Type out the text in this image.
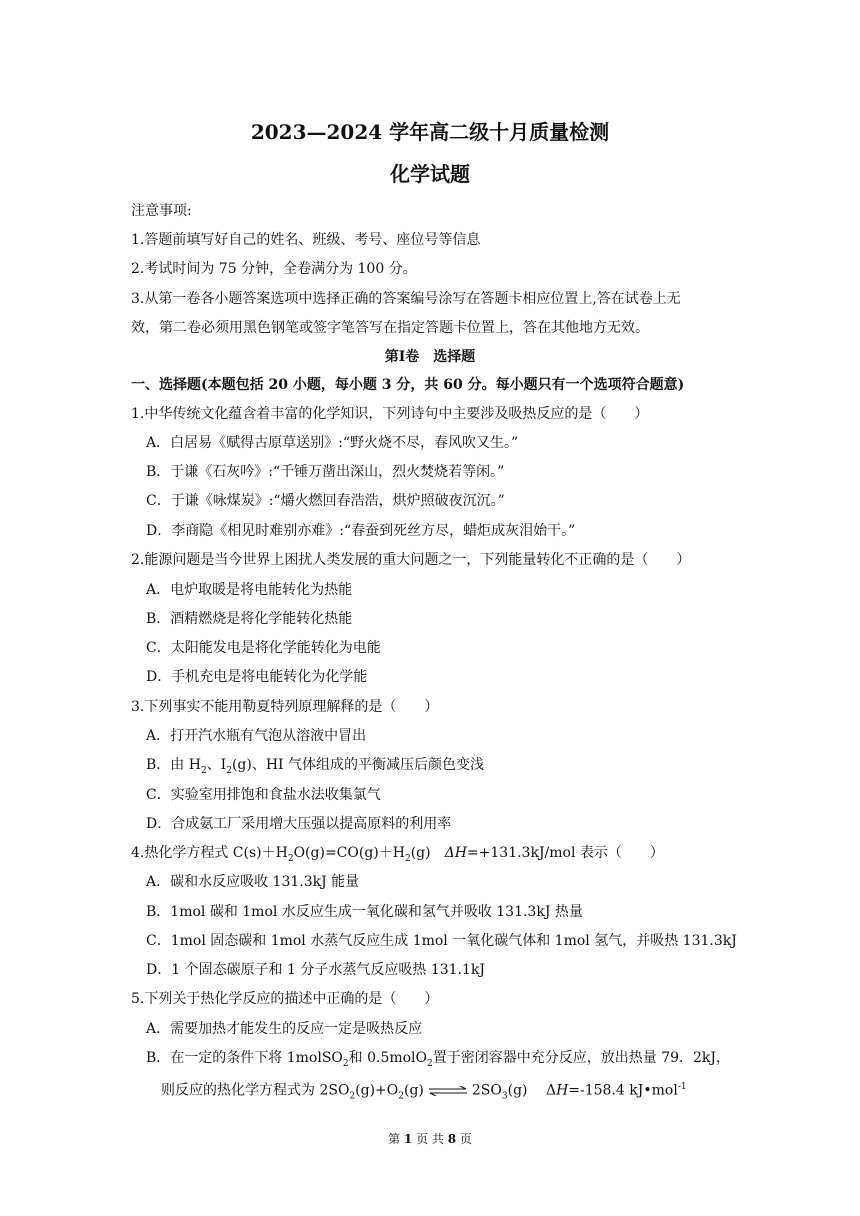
2023—2024 学年高二级十月质量检测
化学试题
注意事项:
1.答题前填写好自己的姓名、班级、考号、座位号等信息
2.考试时间为 75 分钟，全卷满分为 100 分。
3.从第一卷各小题答案选项中选择正确的答案编号涂写在答题卡相应位置上,答在试卷上无
效，第二卷必须用黑色钢笔或签字笔答写在指定答题卡位置上，答在其他地方无效。
第Ⅰ卷　选择题
一、选择题(本题包括 20 小题，每小题 3 分，共 60 分。每小题只有一个选项符合题意)
1.中华传统文化蕴含着丰富的化学知识，下列诗句中主要涉及吸热反应的是（　　）
A．白居易《赋得古原草送别》:“野火烧不尽，春风吹又生。”
B．于谦《石灰吟》:“千锤万凿出深山，烈火焚烧若等闲。”
C．于谦《咏煤炭》:“爝火燃回春浩浩，烘炉照破夜沉沉。”
D．李商隐《相见时难别亦难》:“春蚕到死丝方尽，蜡炬成灰泪始干。”
2.能源问题是当今世界上困扰人类发展的重大问题之一，下列能量转化不正确的是（　　）
A．电炉取暖是将电能转化为热能
B．酒精燃烧是将化学能转化热能
C．太阳能发电是将化学能转化为电能
D．手机充电是将电能转化为化学能
3.下列事实不能用勒夏特列原理解释的是（　　）
A．打开汽水瓶有气泡从溶液中冒出
B．由 $H_2$、$I_2(g)$、HI 气体组成的平衡减压后颜色变浅
C．实验室用排饱和食盐水法收集氯气
D．合成氨工厂采用增大压强以提高原料的利用率
4.热化学方程式 $C(s)+H_2O(g)=CO(g)+H_2(g)$　ΔH=+131.3kJ/mol 表示（　　）
A．碳和水反应吸收 131.3kJ 能量
B．1mol 碳和 1mol 水反应生成一氧化碳和氢气并吸收 131.3kJ 热量
C．1mol 固态碳和 1mol 水蒸气反应生成 1mol 一氧化碳气体和 1mol 氢气，并吸热 131.3kJ
D．1 个固态碳原子和 1 分子水蒸气反应吸热 131.1kJ
5.下列关于热化学反应的描述中正确的是（　　）
A．需要加热才能发生的反应一定是吸热反应
B．在一定的条件下将 1molSO$_2$和 0.5molO$_2$置于密闭容器中充分反应，放出热量 79．2kJ，
则反应的热化学方程式为 $2SO_2(g)+O_2(g)$ ⇌ $2SO_3(g)$　 ΔH=-158.4 kJ•mol$^{-1}$
第 1 页 共 8 页
